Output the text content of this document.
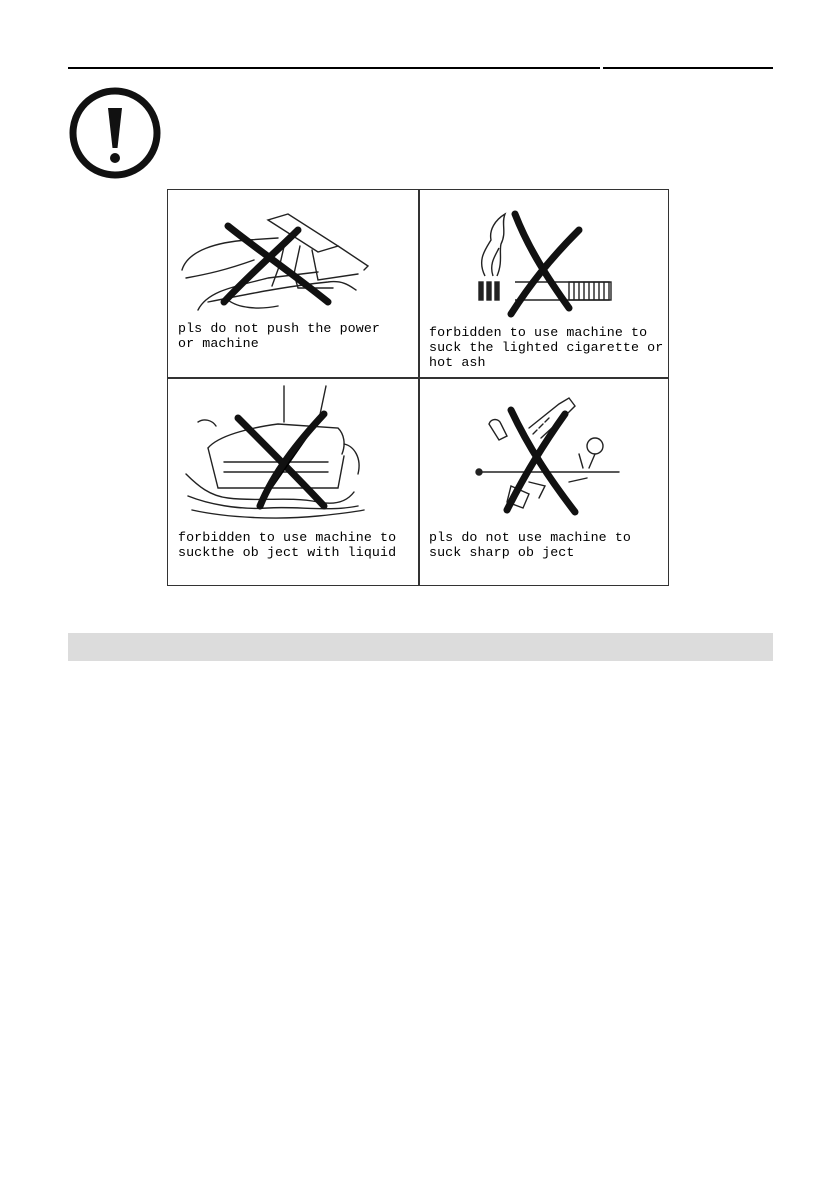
pls do not push the power
or machine
forbidden to use machine to
suck the lighted cigarette or
hot ash
forbidden to use machine to
suckthe ob ject with liquid
pls do not use machine to
suck sharp ob ject
